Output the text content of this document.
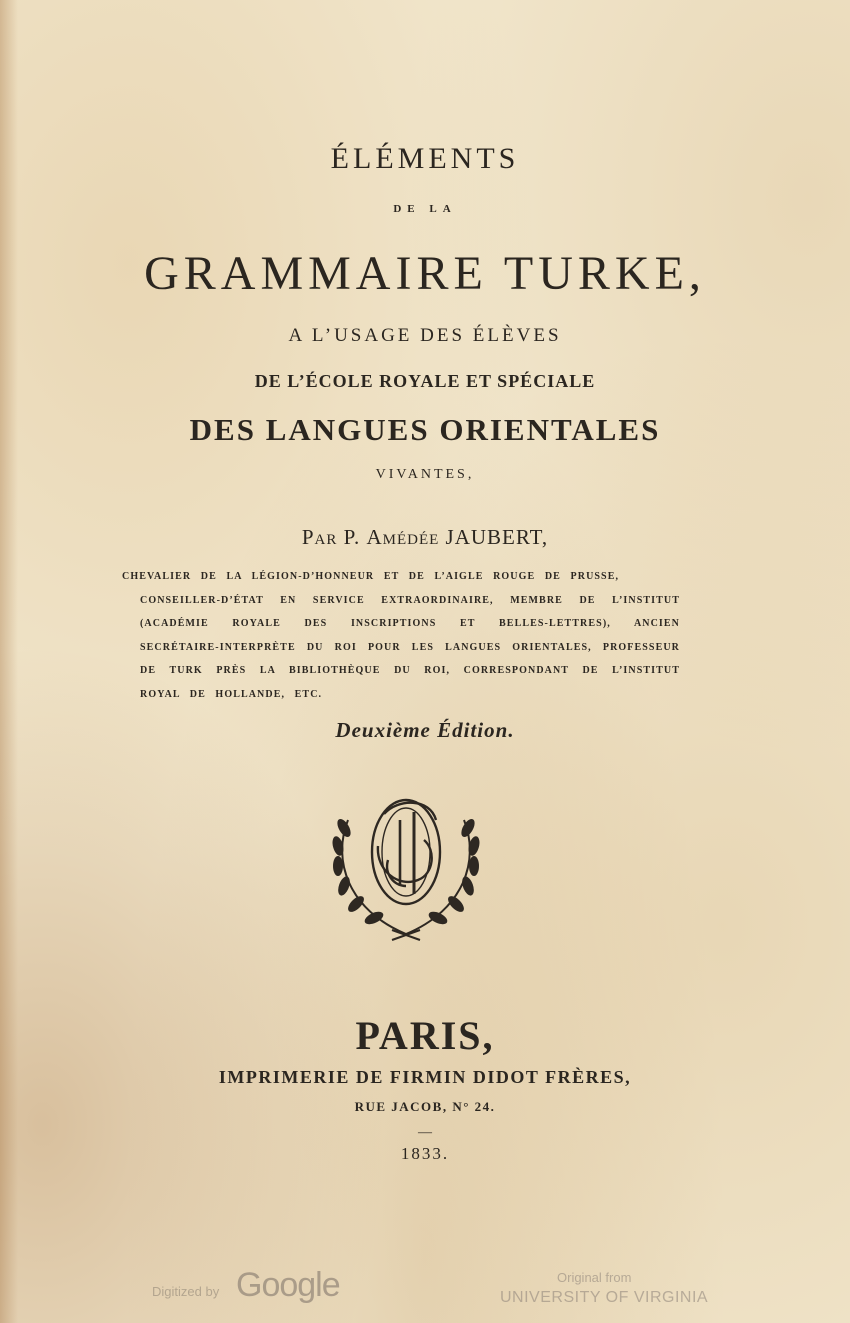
ÉLÉMENTS
DE LA
GRAMMAIRE TURKE,
A L’USAGE DES ÉLÈVES
DE L’ÉCOLE ROYALE ET SPÉCIALE
DES LANGUES ORIENTALES
VIVANTES,
Par P. Amédée JAUBERT,
CHEVALIER DE LA LÉGION-D’HONNEUR ET DE L’AIGLE ROUGE DE PRUSSE,
CONSEILLER-D’ÉTAT EN SERVICE EXTRAORDINAIRE, MEMBRE DE L’INSTITUT (ACADÉMIE ROYALE DES INSCRIPTIONS ET BELLES-LETTRES), ANCIEN SECRÉTAIRE-INTERPRÈTE DU ROI POUR LES LANGUES ORIENTALES, PROFESSEUR DE TURK PRÈS LA BIBLIOTHÈQUE DU ROI, CORRESPONDANT DE L’INSTITUT ROYAL DE HOLLANDE, ETC.
Deuxième Édition.
PARIS,
IMPRIMERIE DE FIRMIN DIDOT FRÈRES,
RUE JACOB, N° 24.
—
1833.
Digitized by Google	Original from
UNIVERSITY OF VIRGINIA
